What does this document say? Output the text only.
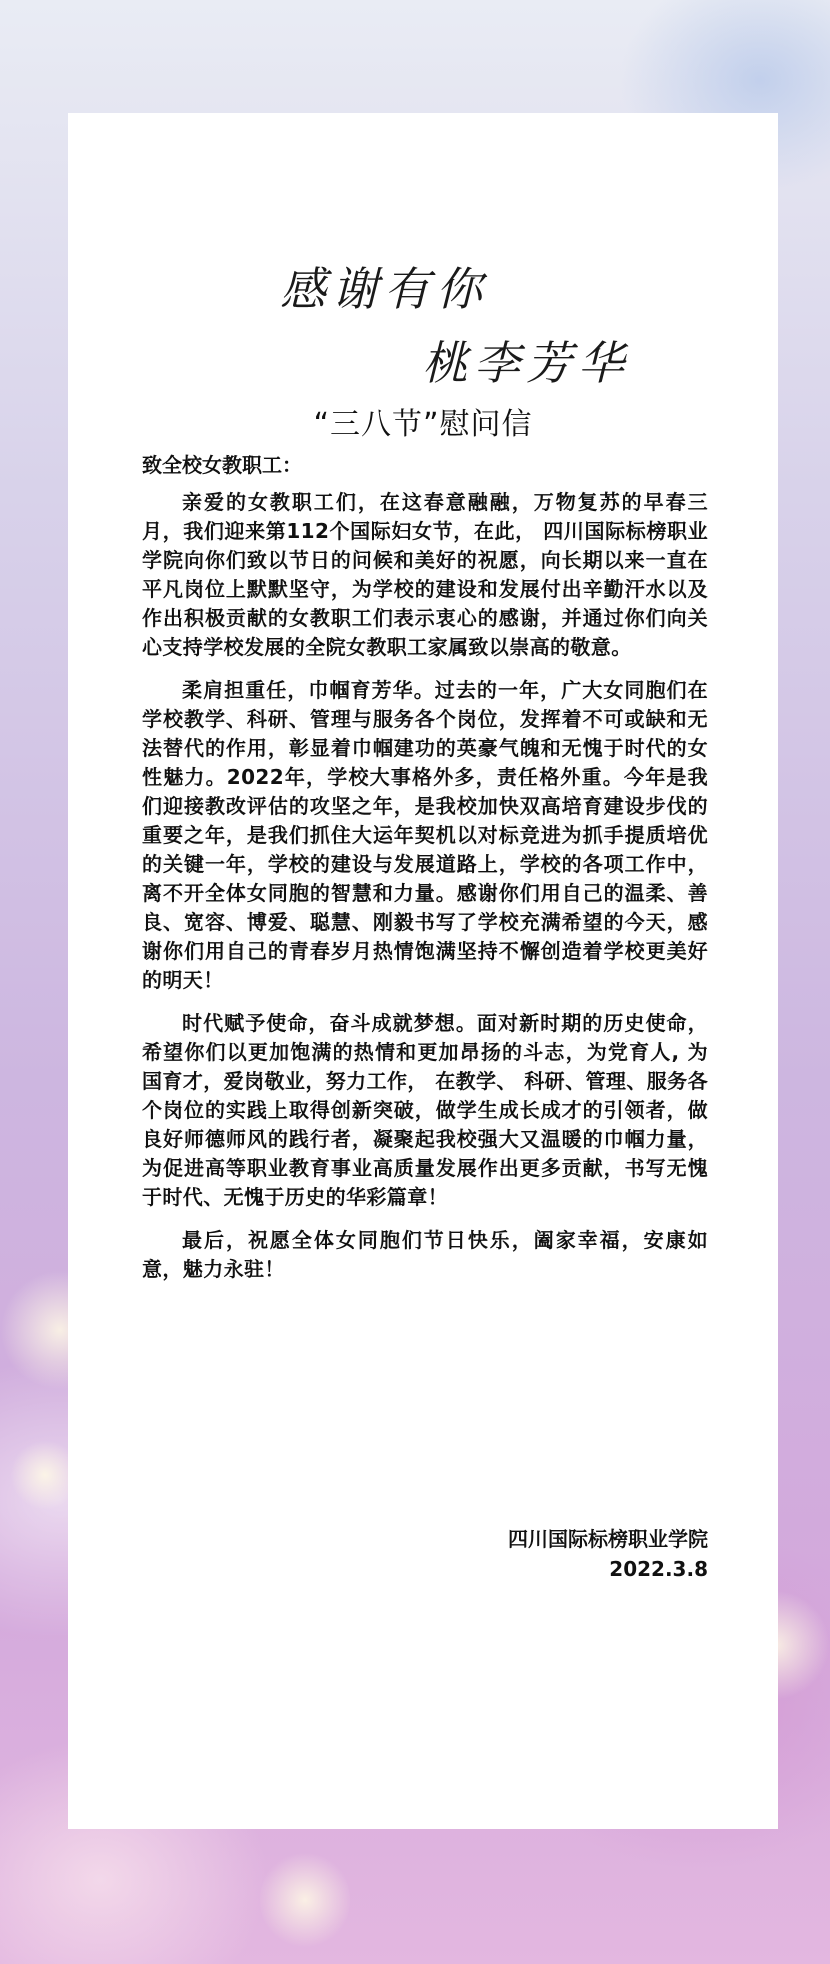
感谢有你
桃李芳华
“三八节”慰问信
致全校女教职工：

亲爱的女教职工们，在这春意融融，万物复苏的早春三月，我们迎来第112个国际妇女节，在此， 四川国际标榜职业学院向你们致以节日的问候和美好的祝愿，向长期以来一直在平凡岗位上默默坚守，为学校的建设和发展付出辛勤汗水以及作出积极贡献的女教职工们表示衷心的感谢，并通过你们向关心支持学校发展的全院女教职工家属致以崇高的敬意。

柔肩担重任，巾帼育芳华。过去的一年，广大女同胞们在学校教学、科研、管理与服务各个岗位，发挥着不可或缺和无法替代的作用，彰显着巾帼建功的英豪气魄和无愧于时代的女性魅力。2022年，学校大事格外多，责任格外重。今年是我们迎接教改评估的攻坚之年，是我校加快双高培育建设步伐的重要之年，是我们抓住大运年契机以对标竞进为抓手提质培优的关键一年，学校的建设与发展道路上，学校的各项工作中，离不开全体女同胞的智慧和力量。感谢你们用自己的温柔、善良、宽容、博爱、聪慧、刚毅书写了学校充满希望的今天，感谢你们用自己的青春岁月热情饱满坚持不懈创造着学校更美好的明天！

时代赋予使命，奋斗成就梦想。面对新时期的历史使命，希望你们以更加饱满的热情和更加昂扬的斗志，为党育人, 为国育才，爱岗敬业，努力工作， 在教学、 科研、管理、服务各个岗位的实践上取得创新突破，做学生成长成才的引领者，做良好师德师风的践行者，凝聚起我校强大又温暖的巾帼力量，为促进高等职业教育事业高质量发展作出更多贡献，书写无愧于时代、无愧于历史的华彩篇章！

最后，祝愿全体女同胞们节日快乐，阖家幸福，安康如意，魅力永驻！

四川国际标榜职业学院
2022.3.8
